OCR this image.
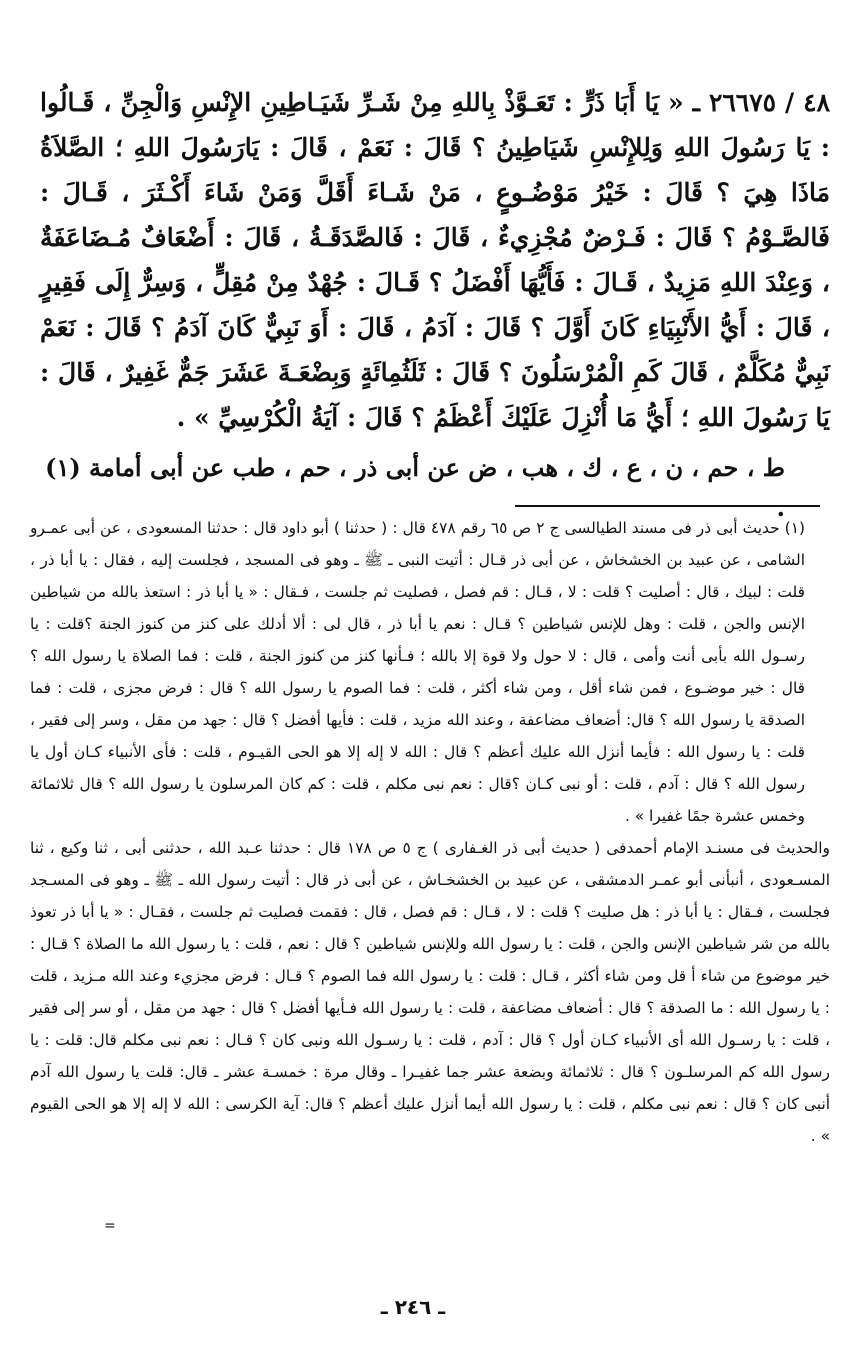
٤٨ / ٢٦٦٧٥ ـ « يَا أَبَا ذَرٍّ : تَعَـوَّذْ بِاللهِ مِنْ شَـرِّ شَيَـاطِينِ الإِنْسِ وَالْجِنِّ ، قَـالُوا : يَا رَسُولَ اللهِ وَلِلإِنْسِ شَيَاطِينُ ؟ قَالَ : نَعَمْ ، قَالَ : يَارَسُولَ اللهِ ؛ الصَّلاَةُ مَاذَا هِيَ ؟ قَالَ : خَيْرُ مَوْضُـوعٍ ، مَنْ شَـاءَ أَقَلَّ وَمَنْ شَاءَ أَكْـثَرَ ، قَـالَ : فَالصَّـوْمُ ؟ قَالَ : فَـرْضٌ مُجْزِيءٌ ، قَالَ : فَالصَّدَقَـةُ ، قَالَ : أَضْعَافٌ مُـضَاعَفَةٌ ، وَعِنْدَ اللهِ مَزِيدٌ ، قَـالَ : فَأَيُّهَا أَفْضَلُ ؟ قَـالَ : جُهْدٌ مِنْ مُقِلٍّ ، وَسِرٌّ إِلَى فَقِيرٍ ، قَالَ : أَيُّ الأَنْبِيَاءِ كَانَ أَوَّلَ ؟ قَالَ : آدَمُ ، قَالَ : أَوَ نَبِيٌّ كَانَ آدَمُ ؟ قَالَ : نَعَمْ نَبِيٌّ مُكَلَّمٌ ، قَالَ كَمِ الْمُرْسَلُونَ ؟ قَالَ : ثَلَثُمِائَةٍ وَبِضْعَـةَ عَشَرَ جَمٌّ غَفِيرٌ ، قَالَ : يَا رَسُولَ اللهِ ؛ أَيُّ مَا أُنْزِلَ عَلَيْكَ أَعْظَمُ ؟ قَالَ : آيَةُ الْكُرْسِيِّ » .

ط ، حم ، ن ، ع ، ك ، هب ، ض عن أبى ذر ، حم ، طب عن أبى أمامة (١) .

(١) حديث أبى ذر فى مسند الطيالسى ج ٢ ص ٦٥ رقم ٤٧٨ قال : ( حدثنا ) أبو داود قال : حدثنا المسعودى ، عن أبى عمـرو الشامى ، عن عبيد بن الخشخاش ، عن أبى ذر قـال : أتيت النبى ـ ﷺ ـ وهو فى المسجد ، فجلست إليه ، فقال : يا أبا ذر ، قلت : لبيك ، قال : أصليت ؟ قلت : لا ، قـال : قم فصل ، فصليت ثم جلست ، فـقال : « يا أبا ذر : استعذ بالله من شياطين الإنس والجن ، قلت : وهل للإنس شياطين ؟ قـال : نعم يا أبا ذر ، قال لى : ألا أدلك على كنز من كنوز الجنة ؟قلت : يا رسـول الله بأبى أنت وأمى ، قال : لا حول ولا قوة إلا بالله ؛ فـأنها كنز من كنوز الجنة ، قلت : فما الصلاة يا رسول الله ؟ قال : خير موضـوع ، فمن شاء أقل ، ومن شاء أكثر ، قلت : فما الصوم يا رسول الله ؟ قال : فرض مجزى ، قلت : فما الصدقة يا رسول الله ؟ قال: أضعاف مضاعفة ، وعند الله مزيد ، قلت : فأيها أفضل ؟ قال : جهد من مقل ، وسر إلى فقير ، قلت : يا رسول الله : فأيما أنزل الله عليك أعظم ؟ قال : الله لا إله إلا هو الحى القيـوم ، قلت : فأى الأنبياء كـان أول يا رسول الله ؟ قال : آدم ، قلت : أو نبى كـان ؟قال : نعم نبى مكلم ، قلت : كم كان المرسلون يا رسول الله ؟ قال ثلاثمائة وخمس عشرة جمًا غفيرا » .

والحديث فى مسنـد الإمام أحمدفى ( حديث أبى ذر الغـفارى ) ج ٥ ص ١٧٨ قال : حدثنا عـبد الله ، حدثنى أبى ، ثنا وكيع ، ثنا المسـعودى ، أنبأنى أبو عمـر الدمشقى ، عن عبيد بن الخشخـاش ، عن أبى ذر قال : أتيت رسول الله ـ ﷺ ـ وهو فى المسـجد فجلست ، فـقال : يا أبا ذر : هل صليت ؟ قلت : لا ، قـال : قم فصل ، قال : فقمت فصليت ثم جلست ، فقـال : « يا أبا ذر تعوذ بالله من شر شياطين الإنس والجن ، قلت : يا رسول الله وللإنس شياطين ؟ قال : نعم ، قلت : يا رسول الله ما الصلاة ؟ قـال : خير موضوع من شاء أ قل ومن شاء أكثر ، قـال : قلت : يا رسول الله فما الصوم ؟ قـال : فرض مجزيء وعند الله مـزيد ، قلت : يا رسول الله : ما الصدقة ؟ قال : أضعاف مضاعفة ، قلت : يا رسول الله فـأيها أفضل ؟ قال : جهد من مقل ، أو سر إلى فقير ، قلت : يا رسـول الله أى الأنبياء كـان أول ؟ قال : آدم ، قلت : يا رسـول الله ونبى كان ؟ قـال : نعم نبى مكلم قال: قلت : يا رسول الله كم المرسلـون ؟ قال : ثلاثمائة وبضعة عشر جما غفيـرا ـ وقال مرة : خمسـة عشر ـ قال: قلت يا رسول الله آدم أنبى كان ؟ قال : نعم نبى مكلم ، قلت : يا رسول الله أيما أنزل عليك أعظم ؟ قال: آية الكرسى : الله لا إله إلا هو الحى القيوم » .

=
ـ ٢٤٦ ـ
